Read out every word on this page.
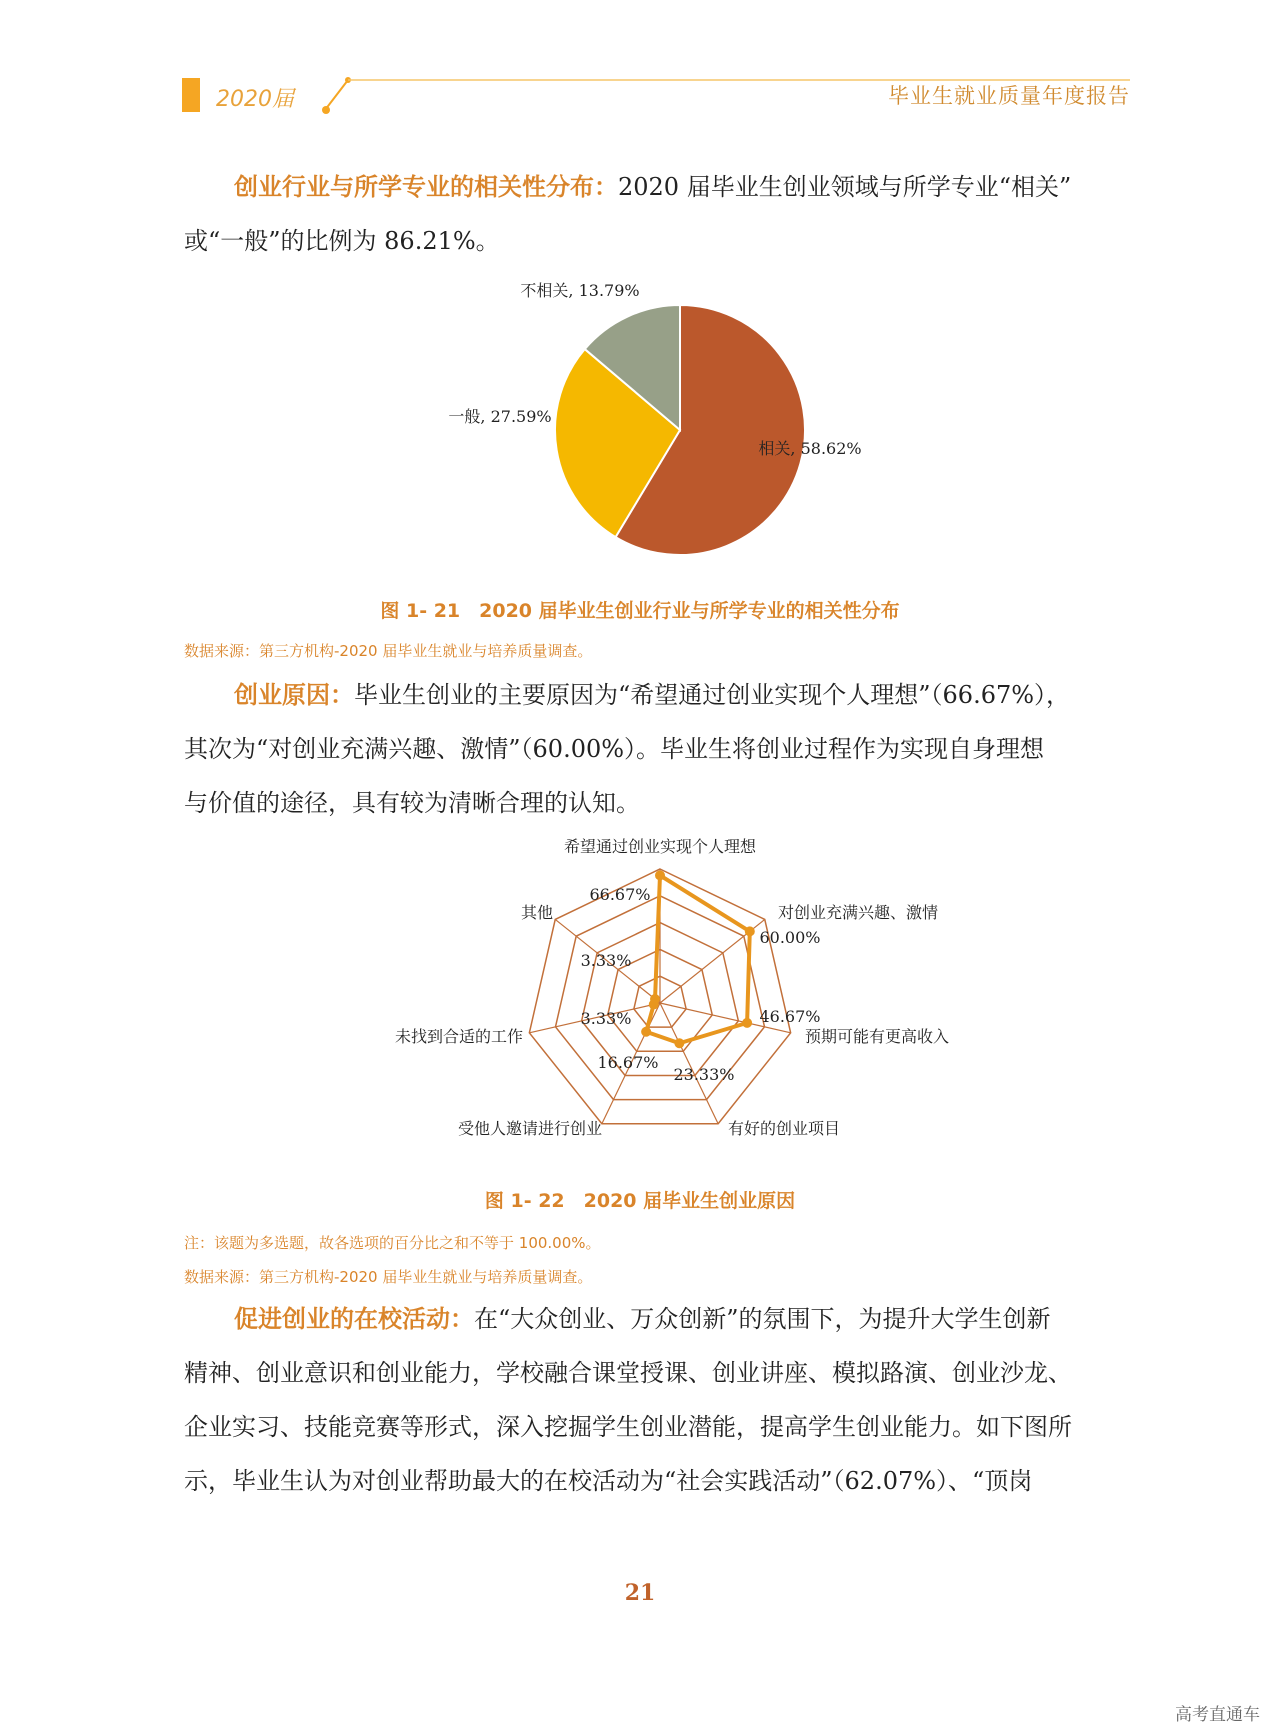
2020届	毕业生就业质量年度报告
创业行业与所学专业的相关性分布：2020 届毕业生创业领域与所学专业“相关”
或“一般”的比例为 86.21%。
相关, 58.62%
一般, 27.59%
不相关, 13.79%
66.67%
希望通过创业实现个人理想
60.00%
对创业充满兴趣、激情
46.67%
预期可能有更高收入
23.33%
有好的创业项目
16.67%
受他人邀请进行创业
3.33%
未找到合适的工作
3.33%
其他
图 1- 21　2020 届毕业生创业行业与所学专业的相关性分布
数据来源：第三方机构-2020 届毕业生就业与培养质量调查。
创业原因：毕业生创业的主要原因为“希望通过创业实现个人理想”（66.67%），
其次为“对创业充满兴趣、激情”（60.00%）。毕业生将创业过程作为实现自身理想
与价值的途径，具有较为清晰合理的认知。
图 1- 22　2020 届毕业生创业原因
注：该题为多选题，故各选项的百分比之和不等于 100.00%。
数据来源：第三方机构-2020 届毕业生就业与培养质量调查。
促进创业的在校活动：在“大众创业、万众创新”的氛围下，为提升大学生创新
精神、创业意识和创业能力，学校融合课堂授课、创业讲座、模拟路演、创业沙龙、
企业实习、技能竞赛等形式，深入挖掘学生创业潜能，提高学生创业能力。如下图所
示，毕业生认为对创业帮助最大的在校活动为“社会实践活动”（62.07%）、“顶岗
21
高考直通车
